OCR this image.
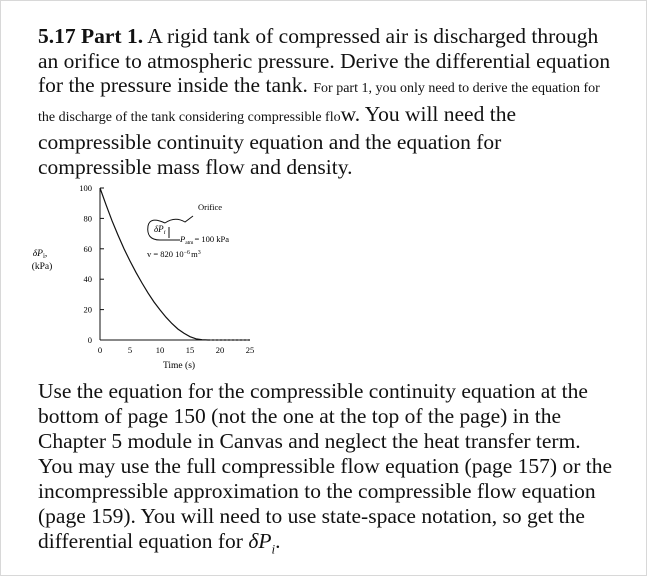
5.17 Part 1. A rigid tank of compressed air is discharged through an orifice to atmospheric pressure. Derive the differential equation for the pressure inside the tank. For part 1, you only need to derive the equation for the discharge of the tank considering compressible flow. You will need the compressible continuity equation and the equation for compressible mass flow and density.
0
20
40
60
80
100
0	5	10	15	20	25
$\delta P_i$,
(kPa)
Time (s)
$\delta P_i$
Orifice
$P_{atm}= 100$ kPa
v = 820 $10^{-6}m^3$
Use the equation for the compressible continuity equation at the bottom of page 150 (not the one at the top of the page) in the Chapter 5 module in Canvas and neglect the heat transfer term. You may use the full compressible flow equation (page 157) or the incompressible approximation to the compressible flow equation (page 159). You will need to use state-space notation, so get the differential equation for $\delta P_i$.
